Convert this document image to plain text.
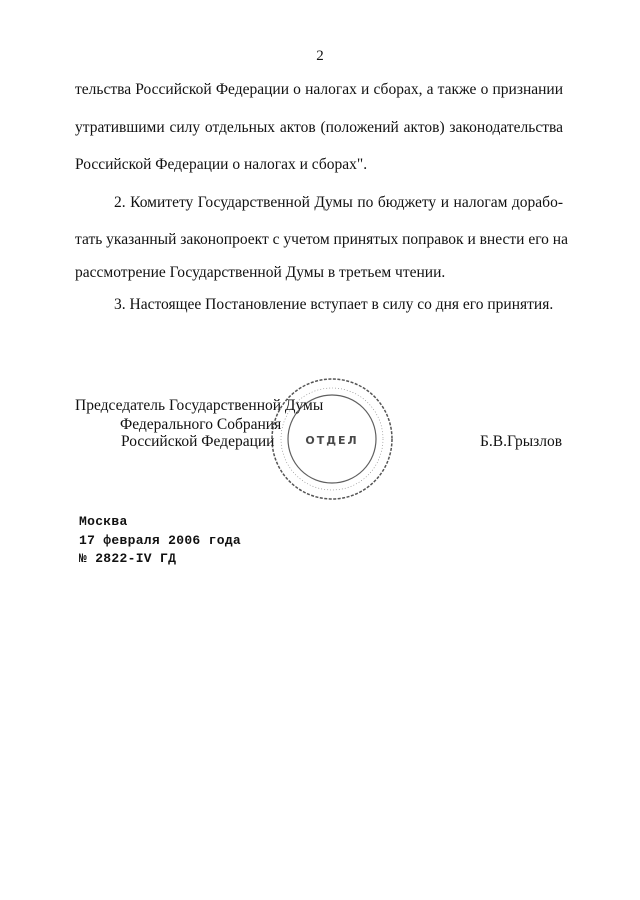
2
тельства Российской Федерации о налогах и сборах, а также о признании
утратившими силу отдельных актов (положений актов) законодательства
Российской Федерации о налогах и сборах".
2. Комитету Государственной Думы по бюджету и налогам дорабо-
тать указанный законопроект с учетом принятых поправок и внести его на
рассмотрение Государственной Думы в третьем чтении.
3. Настоящее Постановление вступает в силу со дня его принятия.
Председатель Государственной Думы
Федерального Собрания
Российской Федерации	Б.В.Грызлов
ОТДЕЛ
Москва
17 февраля 2006 года
№ 2822-IV ГД
